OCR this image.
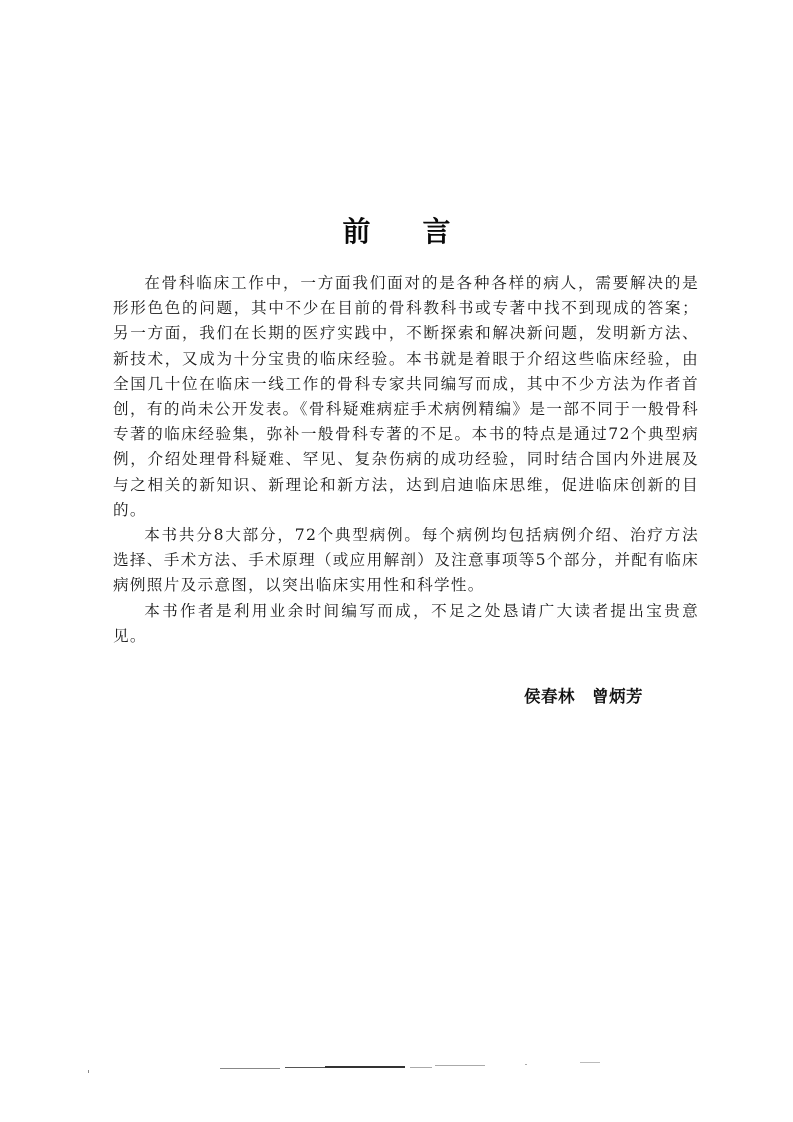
前 言

在骨科临床工作中，一方面我们面对的是各种各样的病人，需要解决的是形形色色的问题，其中不少在目前的骨科教科书或专著中找不到现成的答案；另一方面，我们在长期的医疗实践中，不断探索和解决新问题，发明新方法、新技术，又成为十分宝贵的临床经验。本书就是着眼于介绍这些临床经验，由全国几十位在临床一线工作的骨科专家共同编写而成，其中不少方法为作者首创，有的尚未公开发表。《骨科疑难病症手术病例精编》是一部不同于一般骨科专著的临床经验集，弥补一般骨科专著的不足。本书的特点是通过72个典型病例，介绍处理骨科疑难、罕见、复杂伤病的成功经验，同时结合国内外进展及与之相关的新知识、新理论和新方法，达到启迪临床思维，促进临床创新的目的。

本书共分8大部分，72个典型病例。每个病例均包括病例介绍、治疗方法选择、手术方法、手术原理（或应用解剖）及注意事项等5个部分，并配有临床病例照片及示意图，以突出临床实用性和科学性。

本书作者是利用业余时间编写而成，不足之处恳请广大读者提出宝贵意见。

侯春林　曾炳芳
